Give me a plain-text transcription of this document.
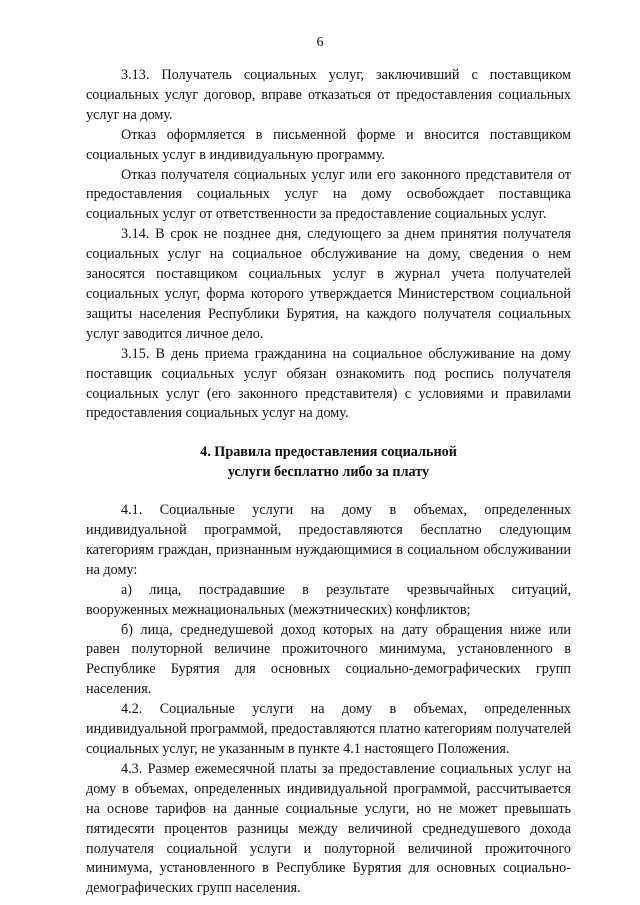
6

3.13. Получатель социальных услуг, заключивший с поставщиком социальных услуг договор, вправе отказаться от предоставления социальных услуг на дому.

Отказ оформляется в письменной форме и вносится поставщиком социальных услуг в индивидуальную программу.

Отказ получателя социальных услуг или его законного представителя от предоставления социальных услуг на дому освобождает поставщика социальных услуг от ответственности за предоставление социальных услуг.

3.14. В срок не позднее дня, следующего за днем принятия получателя социальных услуг на социальное обслуживание на дому, сведения о нем заносятся поставщиком социальных услуг в журнал учета получателей социальных услуг, форма которого утверждается Министерством социальной защиты населения Республики Бурятия, на каждого получателя социальных услуг заводится личное дело.

3.15. В день приема гражданина на социальное обслуживание на дому поставщик социальных услуг обязан ознакомить под роспись получателя социальных услуг (его законного представителя) с условиями и правилами предоставления социальных услуг на дому.

4. Правила предоставления социальной
услуги бесплатно либо за плату

4.1. Социальные услуги на дому в объемах, определенных индивидуальной программой, предоставляются бесплатно следующим категориям граждан, признанным нуждающимися в социальном обслуживании на дому:

а) лица, пострадавшие в результате чрезвычайных ситуаций, вооруженных межнациональных (межэтнических) конфликтов;

б) лица, среднедушевой доход которых на дату обращения ниже или равен полуторной величине прожиточного минимума, установленного в Республике Бурятия для основных социально-демографических групп населения.

4.2. Социальные услуги на дому в объемах, определенных индивидуальной программой, предоставляются платно категориям получателей социальных услуг, не указанным в пункте 4.1 настоящего Положения.

4.3. Размер ежемесячной платы за предоставление социальных услуг на дому в объемах, определенных индивидуальной программой, рассчитывается на основе тарифов на данные социальные услуги, но не может превышать пятидесяти процентов разницы между величиной среднедушевого дохода получателя социальной услуги и полуторной величиной прожиточного минимума, установленного в Республике Бурятия для основных социально-демографических групп населения.
